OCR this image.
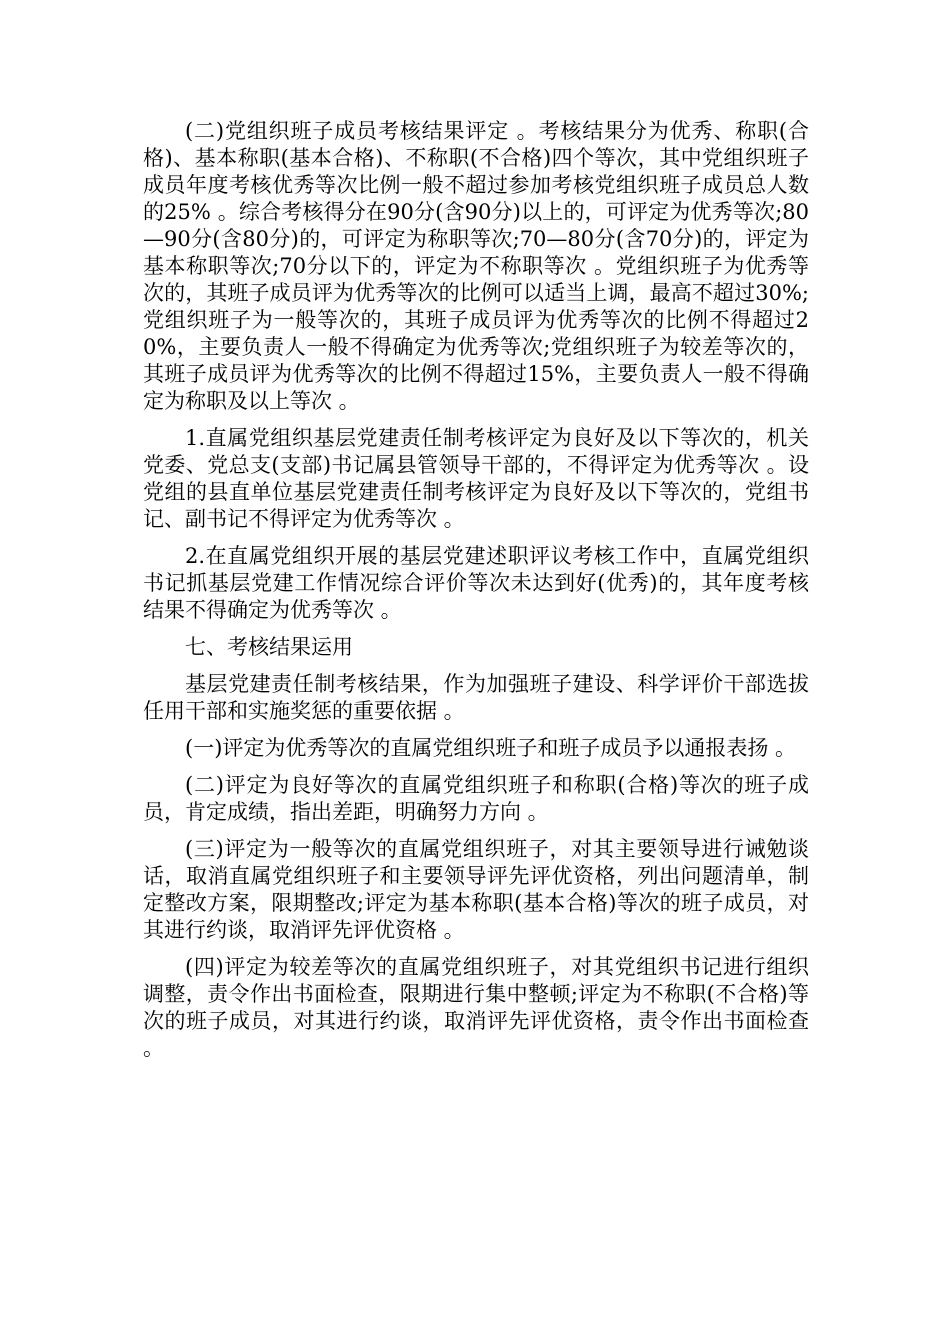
(二)党组织班子成员考核结果评定 。考核结果分为优秀、称职(合格)、基本称职(基本合格)、不称职(不合格)四个等次，其中党组织班子成员年度考核优秀等次比例一般不超过参加考核党组织班子成员总人数的25% 。综合考核得分在90分(含90分)以上的，可评定为优秀等次;80—90分(含80分)的，可评定为称职等次;70—80分(含70分)的，评定为基本称职等次;70分以下的，评定为不称职等次 。党组织班子为优秀等次的，其班子成员评为优秀等次的比例可以适当上调，最高不超过30%;党组织班子为一般等次的，其班子成员评为优秀等次的比例不得超过20%，主要负责人一般不得确定为优秀等次;党组织班子为较差等次的，其班子成员评为优秀等次的比例不得超过15%，主要负责人一般不得确定为称职及以上等次 。

1.直属党组织基层党建责任制考核评定为良好及以下等次的，机关党委、党总支(支部)书记属县管领导干部的，不得评定为优秀等次 。设党组的县直单位基层党建责任制考核评定为良好及以下等次的，党组书记、副书记不得评定为优秀等次 。

2.在直属党组织开展的基层党建述职评议考核工作中，直属党组织书记抓基层党建工作情况综合评价等次未达到好(优秀)的，其年度考核结果不得确定为优秀等次 。

七、考核结果运用

基层党建责任制考核结果，作为加强班子建设、科学评价干部选拔任用干部和实施奖惩的重要依据 。

(一)评定为优秀等次的直属党组织班子和班子成员予以通报表扬 。

(二)评定为良好等次的直属党组织班子和称职(合格)等次的班子成员，肯定成绩，指出差距，明确努力方向 。

(三)评定为一般等次的直属党组织班子，对其主要领导进行诫勉谈话，取消直属党组织班子和主要领导评先评优资格，列出问题清单，制定整改方案，限期整改;评定为基本称职(基本合格)等次的班子成员，对其进行约谈，取消评先评优资格 。

(四)评定为较差等次的直属党组织班子，对其党组织书记进行组织调整，责令作出书面检查，限期进行集中整顿;评定为不称职(不合格)等次的班子成员，对其进行约谈，取消评先评优资格，责令作出书面检查 。
